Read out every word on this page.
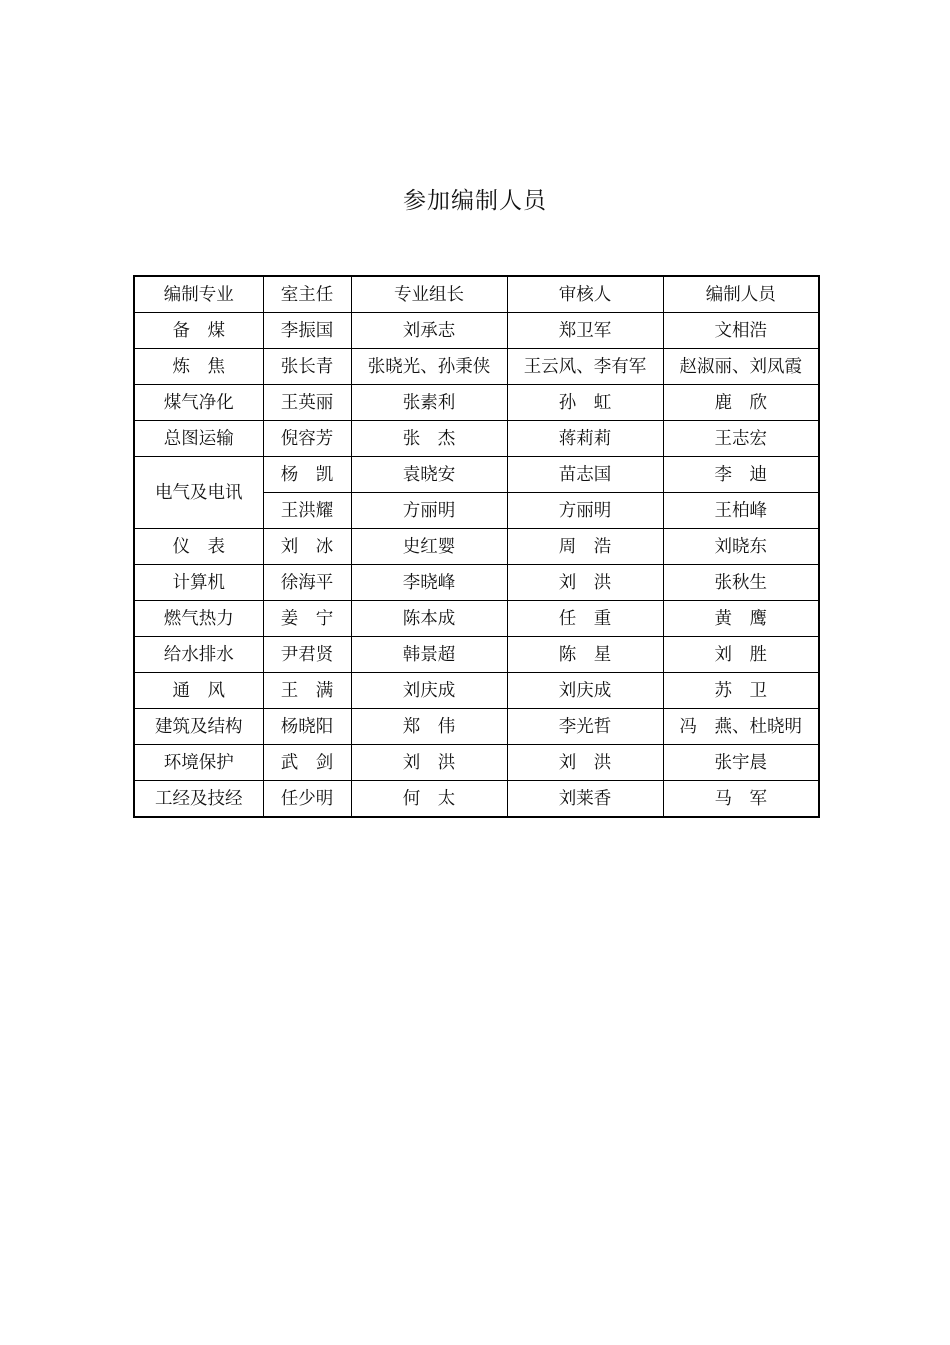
参加编制人员
编制专业	室主任	专业组长	审核人	编制人员
备　煤	李振国	刘承志	郑卫军	文相浩
炼　焦	张长青	张晓光、孙秉侠	王云风、李有军	赵淑丽、刘凤霞
煤气净化	王英丽	张素利	孙　虹	鹿　欣
总图运输	倪容芳	张　杰	蒋莉莉	王志宏
电气及电讯	杨　凯	袁晓安	苗志国	李　迪
	王洪耀	方丽明	方丽明	王柏峰
仪　表	刘　冰	史红婴	周　浩	刘晓东
计算机	徐海平	李晓峰	刘　洪	张秋生
燃气热力	姜　宁	陈本成	任　重	黄　鹰
给水排水	尹君贤	韩景超	陈　星	刘　胜
通　风	王　满	刘庆成	刘庆成	苏　卫
建筑及结构	杨晓阳	郑　伟	李光哲	冯　燕、杜晓明
环境保护	武　剑	刘　洪	刘　洪	张宇晨
工经及技经	任少明	何　太	刘莱香	马　军
